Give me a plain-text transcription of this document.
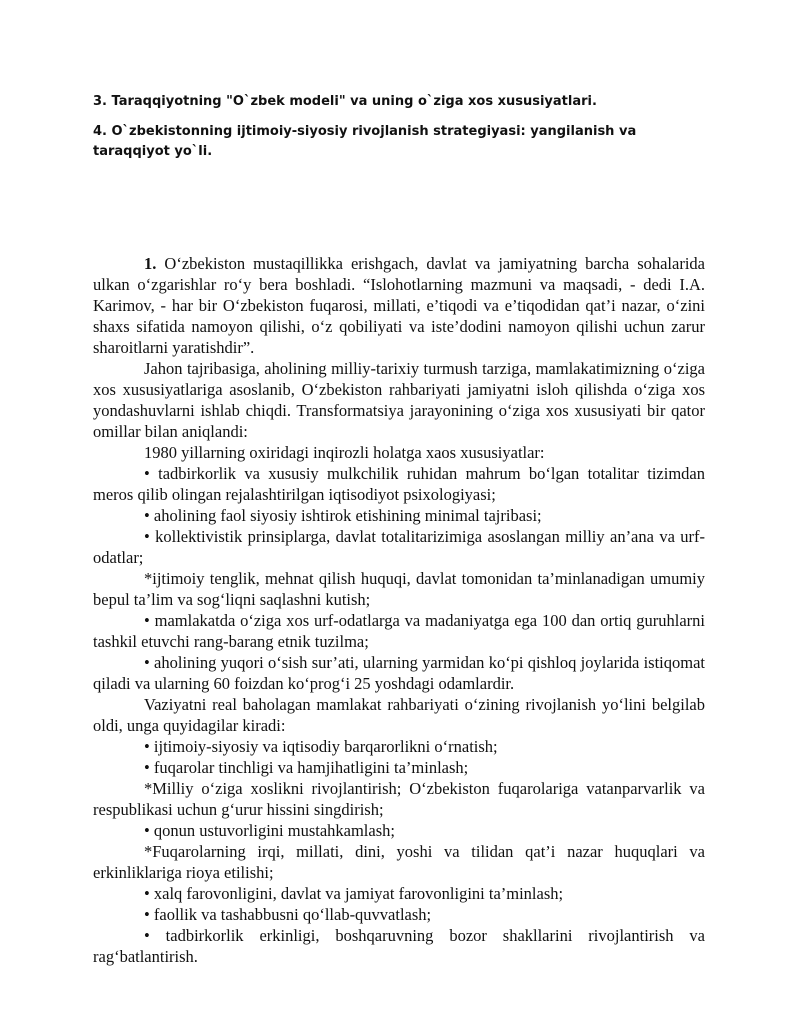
3. Taraqqiyotning "O`zbek modeli" va uning o`ziga xos xususiyatlari.
4. O`zbekistonning ijtimoiy-siyosiy rivojlanish strategiyasi: yangilanish va taraqqiyot yo`li.

1. O‘zbekiston mustaqillikka erishgach, davlat va jamiyatning barcha sohalarida ulkan o‘zgarishlar ro‘y bera boshladi. “Islohotlarning mazmuni va maqsadi, - dedi I.A. Karimov, - har bir O‘zbekiston fuqarosi, millati, e’tiqodi va e’tiqodidan qat’i nazar, o‘zini shaxs sifatida namoyon qilishi, o‘z qobiliyati va iste’dodini namoyon qilishi uchun zarur sharoitlarni yaratishdir”.

Jahon tajribasiga, aholining milliy-tarixiy turmush tarziga, mamlakatimizning o‘ziga xos xususiyatlariga asoslanib, O‘zbekiston rahbariyati jamiyatni isloh qilishda o‘ziga xos yondashuvlarni ishlab chiqdi. Transformatsiya jarayonining o‘ziga xos xususiyati bir qator omillar bilan aniqlandi:

1980 yillarning oxiridagi inqirozli holatga xaos xususiyatlar:

• tadbirkorlik va xususiy mulkchilik ruhidan mahrum bo‘lgan totalitar tizimdan meros qilib olingan rejalashtirilgan iqtisodiyot psixologiyasi;

• aholining faol siyosiy ishtirok etishining minimal tajribasi;

• kollektivistik prinsiplarga, davlat totalitarizimiga asoslangan milliy an’ana va urf-odatlar;

*ijtimoiy tenglik, mehnat qilish huquqi, davlat tomonidan ta’minlanadigan umumiy bepul ta’lim va sog‘liqni saqlashni kutish;

• mamlakatda o‘ziga xos urf-odatlarga va madaniyatga ega 100 dan ortiq guruhlarni tashkil etuvchi rang-barang etnik tuzilma;

• aholining yuqori o‘sish sur’ati, ularning yarmidan ko‘pi qishloq joylarida istiqomat qiladi va ularning 60 foizdan ko‘prog‘i 25 yoshdagi odamlardir.

Vaziyatni real baholagan mamlakat rahbariyati o‘zining rivojlanish yo‘lini belgilab oldi, unga quyidagilar kiradi:

• ijtimoiy-siyosiy va iqtisodiy barqarorlikni o‘rnatish;

• fuqarolar tinchligi va hamjihatligini ta’minlash;

*Milliy o‘ziga xoslikni rivojlantirish; O‘zbekiston fuqarolariga vatanparvarlik va respublikasi uchun g‘urur hissini singdirish;

• qonun ustuvorligini mustahkamlash;

*Fuqarolarning irqi, millati, dini, yoshi va tilidan qat’i nazar huquqlari va erkinliklariga rioya etilishi;

• xalq farovonligini, davlat va jamiyat farovonligini ta’minlash;

• faollik va tashabbusni qo‘llab-quvvatlash;

• tadbirkorlik erkinligi, boshqaruvning bozor shakllarini rivojlantirish va rag‘batlantirish.
